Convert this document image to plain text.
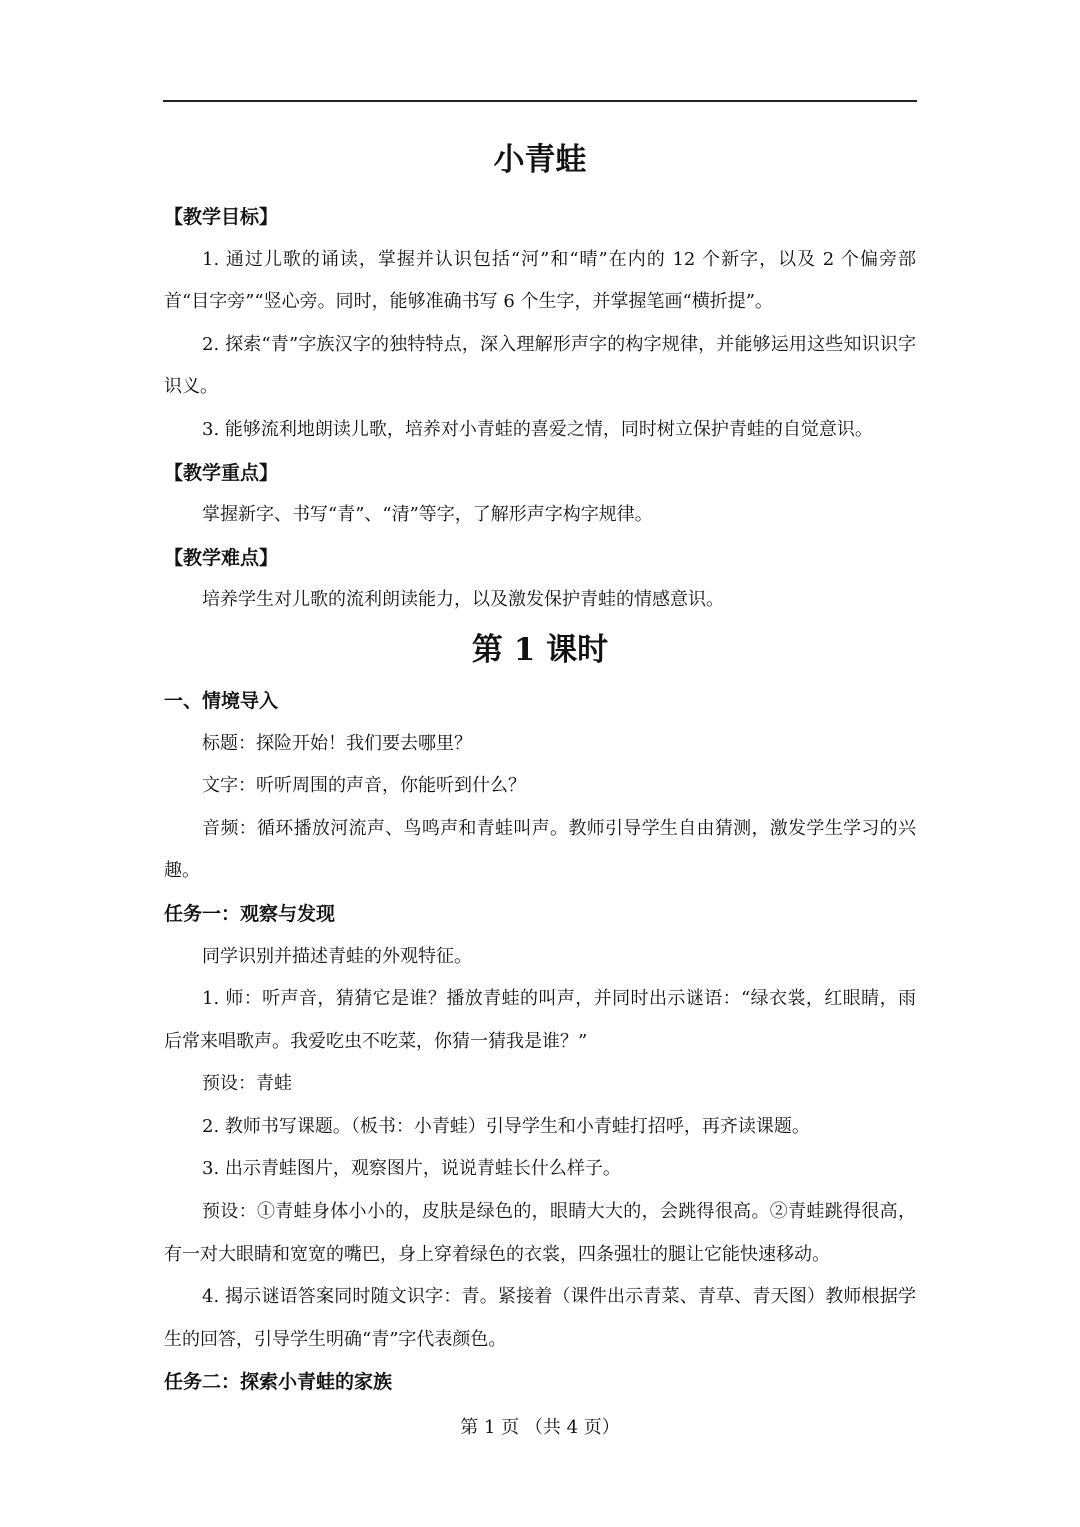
小青蛙
【教学目标】

1. 通过儿歌的诵读，掌握并认识包括“河”和“晴”在内的 12 个新字，以及 2 个偏旁部首“目字旁”“竖心旁。同时，能够准确书写 6 个生字，并掌握笔画“横折提”。

2. 探索“青”字族汉字的独特特点，深入理解形声字的构字规律，并能够运用这些知识识字识义。

3. 能够流利地朗读儿歌，培养对小青蛙的喜爱之情，同时树立保护青蛙的自觉意识。

【教学重点】

掌握新字、书写“青”、“清”等字，了解形声字构字规律。

【教学难点】

培养学生对儿歌的流利朗读能力，以及激发保护青蛙的情感意识。

第 1 课时
一、情境导入

标题：探险开始！我们要去哪里？

文字：听听周围的声音，你能听到什么？

音频：循环播放河流声、鸟鸣声和青蛙叫声。教师引导学生自由猜测，激发学生学习的兴趣。

任务一：观察与发现

同学识别并描述青蛙的外观特征。

1. 师：听声音，猜猜它是谁？播放青蛙的叫声，并同时出示谜语：“绿衣裳，红眼睛，雨后常来唱歌声。我爱吃虫不吃菜，你猜一猜我是谁？”

预设：青蛙

2. 教师书写课题。（板书：小青蛙）引导学生和小青蛙打招呼，再齐读课题。

3. 出示青蛙图片，观察图片，说说青蛙长什么样子。

预设：①青蛙身体小小的，皮肤是绿色的，眼睛大大的，会跳得很高。②青蛙跳得很高，有一对大眼睛和宽宽的嘴巴，身上穿着绿色的衣裳，四条强壮的腿让它能快速移动。

4. 揭示谜语答案同时随文识字：青。紧接着（课件出示青菜、青草、青天图）教师根据学生的回答，引导学生明确“青”字代表颜色。

任务二：探索小青蛙的家族
第 1 页 （共 4 页）
